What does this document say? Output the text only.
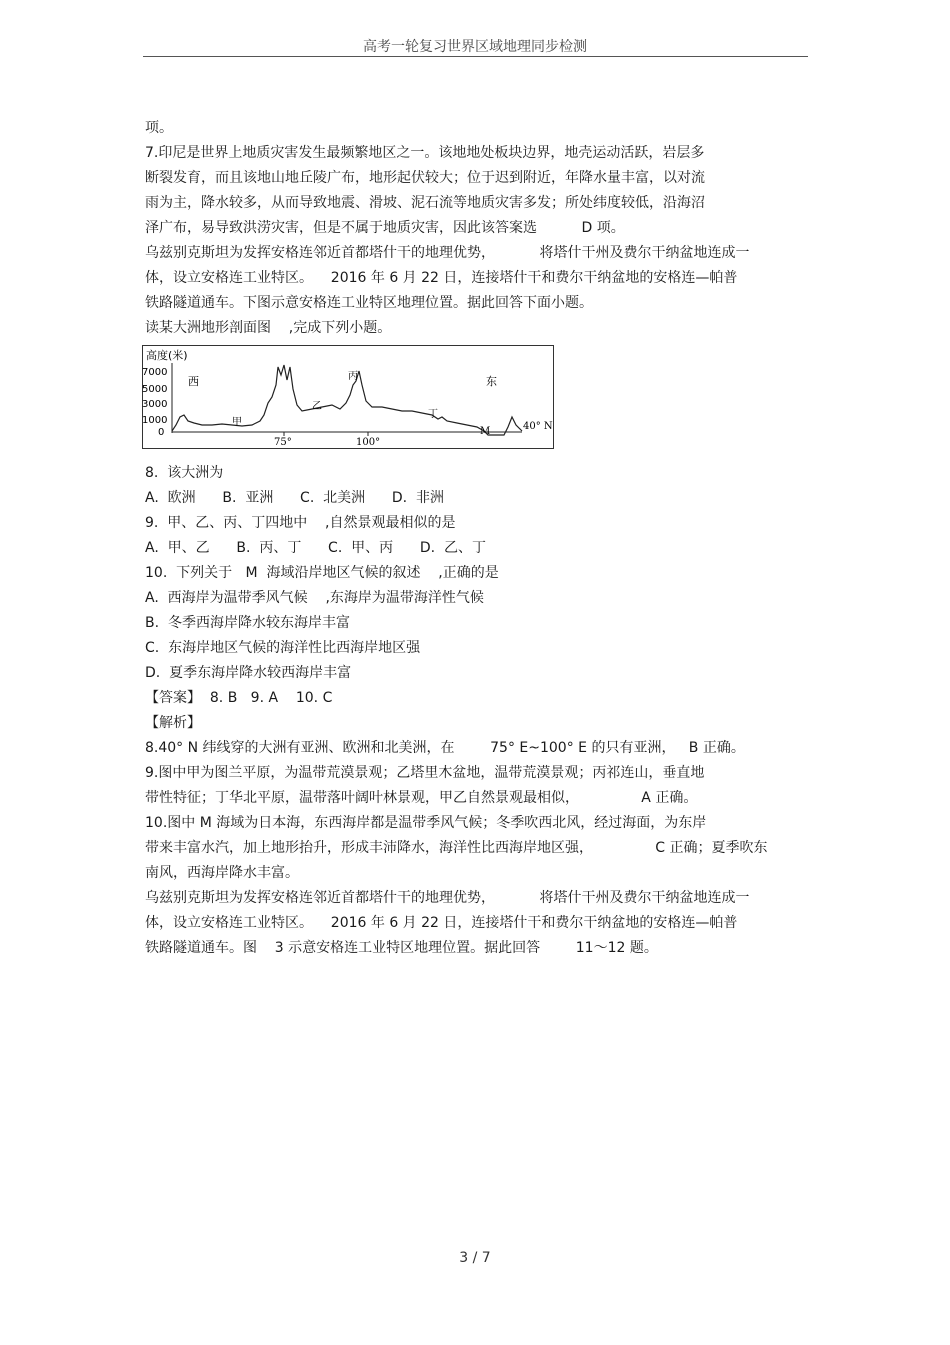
高考一轮复习世界区域地理同步检测

项。

7.印尼是世界上地质灾害发生最频繁地区之一。该地地处板块边界，地壳运动活跃，岩层多

断裂发育，而且该地山地丘陵广布，地形起伏较大；位于迟到附近，年降水量丰富，以对流

雨为主，降水较多，从而导致地震、滑坡、泥石流等地质灾害多发；所处纬度较低，沿海沼

泽广布，易导致洪涝灾害，但是不属于地质灾害，因此该答案选          D 项。

乌兹别克斯坦为发挥安格连邻近首都塔什干的地理优势，          将塔什干州及费尔干纳盆地连成一

体，设立安格连工业特区。    2016 年 6 月 22 日，连接塔什干和费尔干纳盆地的安格连—帕普

铁路隧道通车。下图示意安格连工业特区地理位置。据此回答下面小题。

读某大洲地形剖面图    ,完成下列小题。

高度(米)
7000
5000
3000
1000
0
西	东
甲
乙
丙
丁
M	40° N
75°	100°

8.  该大洲为

A.  欧洲      B.  亚洲      C.  北美洲      D.  非洲

9.  甲、乙、丙、丁四地中    ,自然景观最相似的是

A.  甲、乙      B.  丙、丁      C.  甲、丙      D.  乙、丁

10.  下列关于   M  海域沿岸地区气候的叙述    ,正确的是

A.  西海岸为温带季风气候    ,东海岸为温带海洋性气候

B.  冬季西海岸降水较东海岸丰富

C.  东海岸地区气候的海洋性比西海岸地区强

D.  夏季东海岸降水较西海岸丰富

【答案】  8. B   9. A    10. C

【解析】

8.40° N 纬线穿的大洲有亚洲、欧洲和北美洲，在        75° E~100° E 的只有亚洲，   B 正确。

9.图中甲为图兰平原，为温带荒漠景观；乙塔里木盆地，温带荒漠景观；丙祁连山，垂直地

带性特征；丁华北平原，温带落叶阔叶林景观，甲乙自然景观最相似，              A 正确。

10.图中 M 海域为日本海，东西海岸都是温带季风气候；冬季吹西北风，经过海面，为东岸

带来丰富水汽，加上地形抬升，形成丰沛降水，海洋性比西海岸地区强，              C 正确；夏季吹东

南风，西海岸降水丰富。

乌兹别克斯坦为发挥安格连邻近首都塔什干的地理优势，          将塔什干州及费尔干纳盆地连成一

体，设立安格连工业特区。    2016 年 6 月 22 日，连接塔什干和费尔干纳盆地的安格连—帕普

铁路隧道通车。图    3 示意安格连工业特区地理位置。据此回答        11～12 题。

3 / 7
